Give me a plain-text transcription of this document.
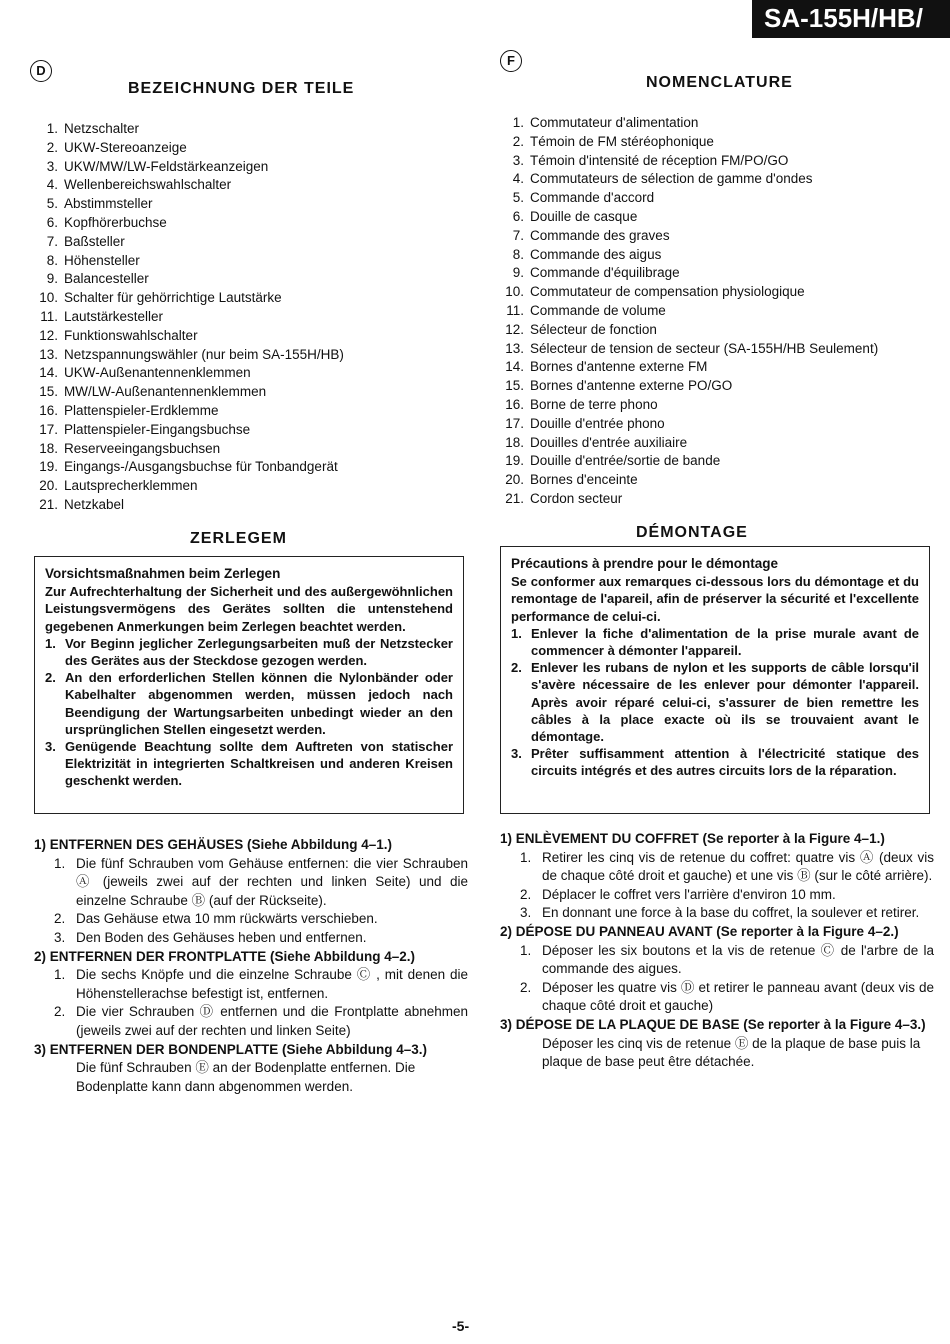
SA-155H/HB/
D
BEZEICHNUNG DER TEILE
1. Netzschalter
2. UKW-Stereoanzeige
3. UKW/MW/LW-Feldstärkeanzeigen
4. Wellenbereichswahlschalter
5. Abstimmsteller
6. Kopfhörerbuchse
7. Baßsteller
8. Höhensteller
9. Balancesteller
10. Schalter für gehörrichtige Lautstärke
11. Lautstärkesteller
12. Funktionswahlschalter
13. Netzspannungswähler (nur beim SA-155H/HB)
14. UKW-Außenantennenklemmen
15. MW/LW-Außenantennenklemmen
16. Plattenspieler-Erdklemme
17. Plattenspieler-Eingangsbuchse
18. Reserveeingangsbuchsen
19. Eingangs-/Ausgangsbuchse für Tonbandgerät
20. Lautsprecherklemmen
21. Netzkabel
ZERLEGEM
Vorsichtsmaßnahmen beim Zerlegen
Zur Aufrechterhaltung der Sicherheit und des außergewöhnlichen Leistungsvermögens des Gerätes sollten die untenstehend gegebenen Anmerkungen beim Zerlegen beachtet werden.
1. Vor Beginn jeglicher Zerlegungsarbeiten muß der Netzstecker des Gerätes aus der Steckdose gezogen werden.
2. An den erforderlichen Stellen können die Nylonbänder oder Kabelhalter abgenommen werden, müssen jedoch nach Beendigung der Wartungsarbeiten unbedingt wieder an den ursprünglichen Stellen eingesetzt werden.
3. Genügende Beachtung sollte dem Auftreten von statischer Elektrizität in integrierten Schaltkreisen und anderen Kreisen geschenkt werden.
1) ENTFERNEN DES GEHÄUSES (Siehe Abbildung 4–1.)
1. Die fünf Schrauben vom Gehäuse entfernen: die vier Schrauben Ⓐ (jeweils zwei auf der rechten und linken Seite) und die einzelne Schraube Ⓑ (auf der Rückseite).
2. Das Gehäuse etwa 10 mm rückwärts verschieben.
3. Den Boden des Gehäuses heben und entfernen.
2) ENTFERNEN DER FRONTPLATTE (Siehe Abbildung 4–2.)
1. Die sechs Knöpfe und die einzelne Schraube Ⓒ , mit denen die Höhenstellerachse befestigt ist, entfernen.
2. Die vier Schrauben Ⓓ entfernen und die Frontplatte abnehmen (jeweils zwei auf der rechten und linken Seite)
3) ENTFERNEN DER BONDENPLATTE (Siehe Abbildung 4–3.)
Die fünf Schrauben Ⓔ an der Bodenplatte entfernen. Die Bodenplatte kann dann abgenommen werden.
F
NOMENCLATURE
1. Commutateur d'alimentation
2. Témoin de FM stéréophonique
3. Témoin d'intensité de réception FM/PO/GO
4. Commutateurs de sélection de gamme d'ondes
5. Commande d'accord
6. Douille de casque
7. Commande des graves
8. Commande des aigus
9. Commande d'équilibrage
10. Commutateur de compensation physiologique
11. Commande de volume
12. Sélecteur de fonction
13. Sélecteur de tension de secteur (SA-155H/HB Seulement)
14. Bornes d'antenne externe FM
15. Bornes d'antenne externe PO/GO
16. Borne de terre phono
17. Douille d'entrée phono
18. Douilles d'entrée auxiliaire
19. Douille d'entrée/sortie de bande
20. Bornes d'enceinte
21. Cordon secteur
DÉMONTAGE
Précautions à prendre pour le démontage
Se conformer aux remarques ci-dessous lors du démontage et du remontage de l'apareil, afin de préserver la sécurité et l'excellente performance de celui-ci.
1. Enlever la fiche d'alimentation de la prise murale avant de commencer à démonter l'appareil.
2. Enlever les rubans de nylon et les supports de câble lorsqu'il s'avère nécessaire de les enlever pour démonter l'appareil. Après avoir réparé celui-ci, s'assurer de bien remettre les câbles à la place exacte où ils se trouvaient avant le démontage.
3. Prêter suffisamment attention à l'électricité statique des circuits intégrés et des autres circuits lors de la réparation.
1) ENLÈVEMENT DU COFFRET (Se reporter à la Figure 4–1.)
1. Retirer les cinq vis de retenue du coffret: quatre vis Ⓐ (deux vis de chaque côté droit et gauche) et une vis Ⓑ (sur le côté arrière).
2. Déplacer le coffret vers l'arrière d'environ 10 mm.
3. En donnant une force à la base du coffret, la soulever et retirer.
2) DÉPOSE DU PANNEAU AVANT (Se reporter à la Figure 4–2.)
1. Déposer les six boutons et la vis de retenue Ⓒ de l'arbre de la commande des aigues.
2. Déposer les quatre vis Ⓓ et retirer le panneau avant (deux vis de chaque côté droit et gauche)
3) DÉPOSE DE LA PLAQUE DE BASE (Se reporter à la Figure 4–3.)
Déposer les cinq vis de retenue Ⓔ de la plaque de base puis la plaque de base peut être détachée.
-5-
